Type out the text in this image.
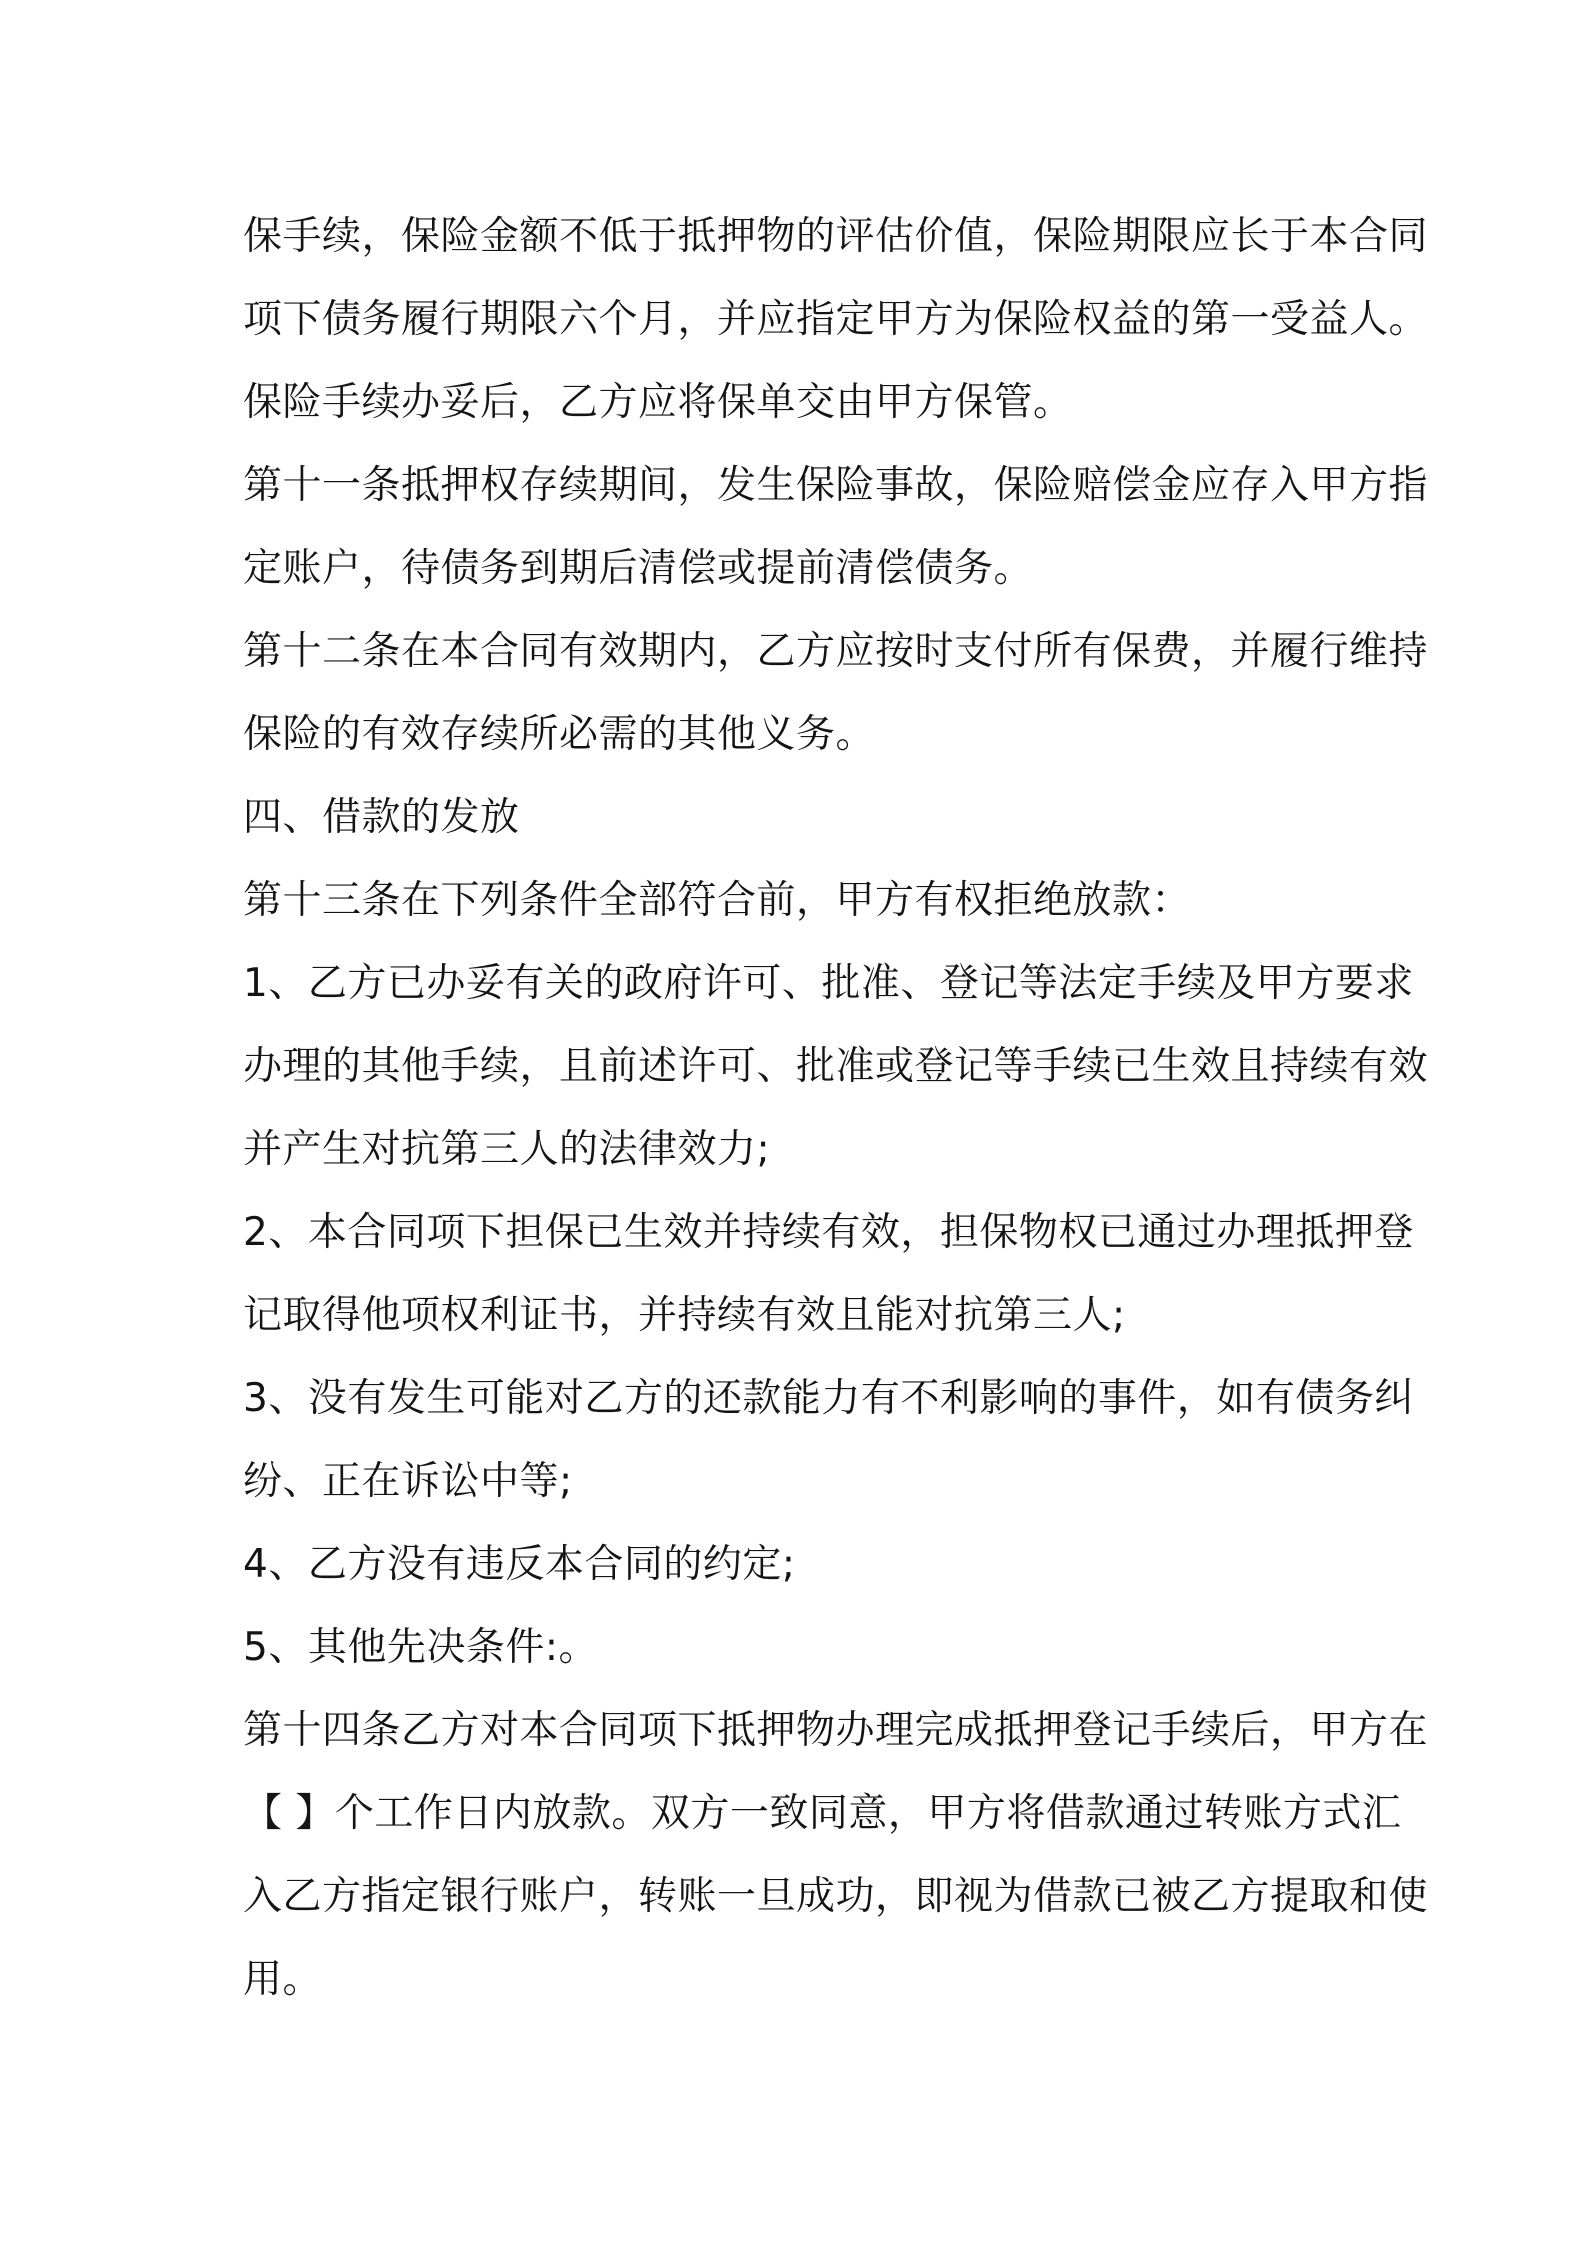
保手续，保险金额不低于抵押物的评估价值，保险期限应长于本合同
项下债务履行期限六个月，并应指定甲方为保险权益的第一受益人。
保险手续办妥后，乙方应将保单交由甲方保管。
第十一条抵押权存续期间，发生保险事故，保险赔偿金应存入甲方指
定账户，待债务到期后清偿或提前清偿债务。
第十二条在本合同有效期内，乙方应按时支付所有保费，并履行维持
保险的有效存续所必需的其他义务。
四、借款的发放
第十三条在下列条件全部符合前，甲方有权拒绝放款：
1、乙方已办妥有关的政府许可、批准、登记等法定手续及甲方要求
办理的其他手续，且前述许可、批准或登记等手续已生效且持续有效
并产生对抗第三人的法律效力;
2、本合同项下担保已生效并持续有效，担保物权已通过办理抵押登
记取得他项权利证书，并持续有效且能对抗第三人;
3、没有发生可能对乙方的还款能力有不利影响的事件，如有债务纠
纷、正在诉讼中等;
4、乙方没有违反本合同的约定;
5、其他先决条件:。
第十四条乙方对本合同项下抵押物办理完成抵押登记手续后，甲方在
【 】个工作日内放款。双方一致同意，甲方将借款通过转账方式汇
入乙方指定银行账户，转账一旦成功，即视为借款已被乙方提取和使
用。
